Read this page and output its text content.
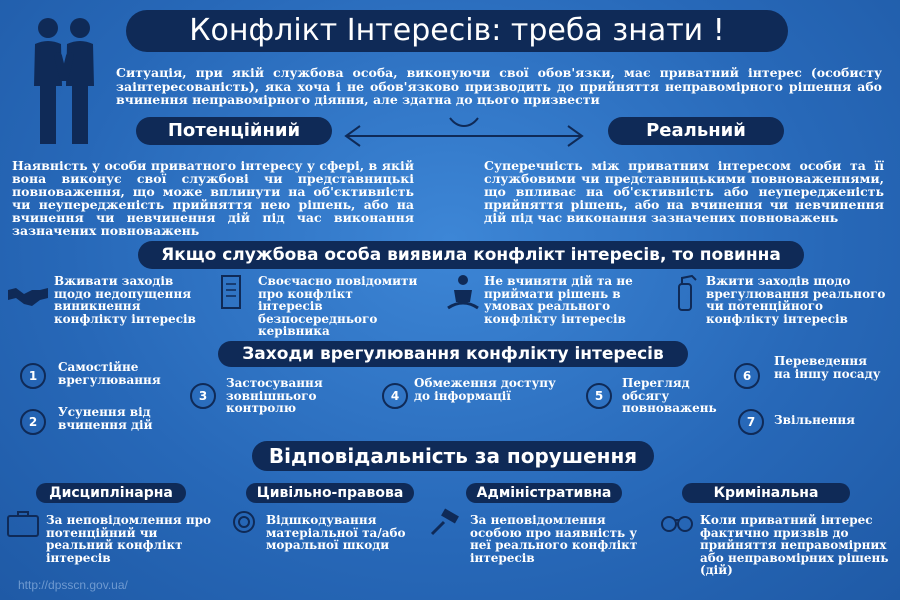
Конфлікт Інтересів: треба знати !
Ситуація, при якій службова особа, виконуючи свої обов'язки, має приватний інтерес (особисту заінтересованість), яка хоча і не обов'язково призводить до прийняття неправомірного рішення або вчинення неправомірного діяння, але здатна до цього призвести
Потенційний	Реальний
Наявність у особи приватного інтересу у сфері, в якій вона виконує свої службові чи представницькі повноваження, що може вплинути на об'єктивність чи неупередженість прийняття нею рішень, або на вчинення чи невчинення дій під час виконання зазначених повноважень
Суперечність між приватним інтересом особи та її службовими чи представницькими повноваженнями, що впливає на об'єктивність або неупередженість прийняття рішень, або на вчинення чи невчинення дій під час виконання зазначених повноважень
Якщо службова особа виявила конфлікт інтересів, то повинна
Вживати заходів щодо недопущення виникнення конфлікту інтересів
Своєчасно повідомити про конфлікт інтересів безпосереднього керівника
Не вчиняти дій та не приймати рішень в умовах реального конфлікту інтересів
Вжити заходів щодо врегулювання реального чи потенційного конфлікту інтересів
Заходи врегулювання конфлікту інтересів
1
Самостійне врегулювання
2
Усунення від вчинення дій
3
Застосування зовнішнього контролю
4
Обмеження доступу до інформації	5
Перегляд обсягу повноважень
6
Переведення на іншу посаду
7	Звільнення
Відповідальність за порушення
Дисциплінарна	Цивільно-правова	Адміністративна	Кримінальна
За неповідомлення про потенційний чи реальний конфлікт інтересів
Відшкодування матеріальної та/або моральної шкоди
За неповідомлення особою про наявність у неї реального конфлікт інтересів
Коли приватний інтерес фактично призвів до прийняття неправомірних або неправомірних рішень (дій)
http://dpsscn.gov.ua/
